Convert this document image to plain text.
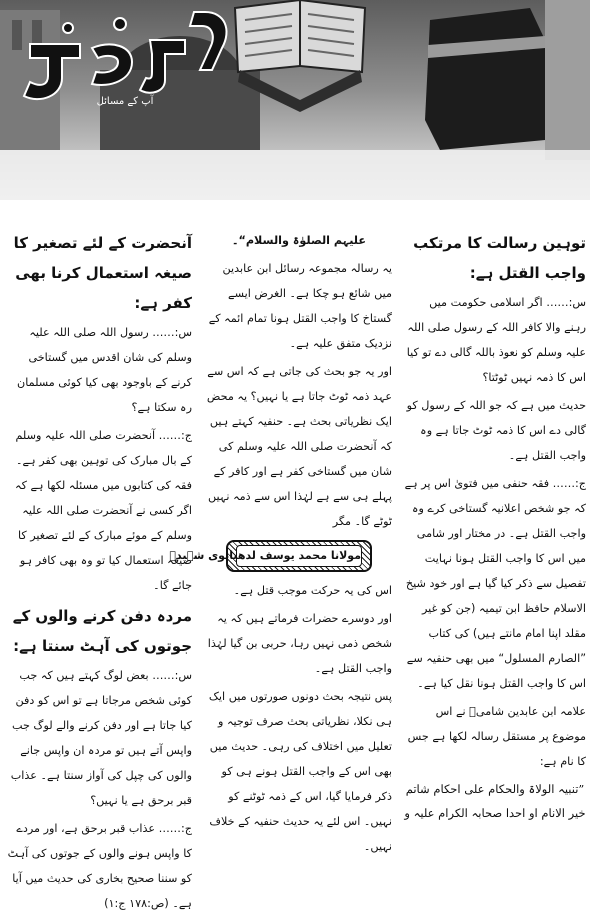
آپ کے مسائل
توہین رسالت کا مرتکب واجب القتل ہے:
س:…… اگر اسلامی حکومت میں رہنے والا کافر اللہ کے رسول صلی اللہ علیہ وسلم کو نعوذ باللہ گالی دے تو کیا اس کا ذمہ نہیں ٹوٹتا؟
حدیث میں ہے کہ جو اللہ کے رسول کو گالی دے اس کا ذمہ ٹوٹ جاتا ہے وہ واجب القتل ہے۔
ج:…… فقہ حنفی میں فتویٰ اس پر ہے کہ جو شخص اعلانیہ گستاخی کرے وہ واجب القتل ہے۔ در مختار اور شامی میں اس کا واجب القتل ہونا نہایت تفصیل سے ذکر کیا گیا ہے اور خود شیخ الاسلام حافظ ابن تیمیہ (جن کو غیر مقلد اپنا امام مانتے ہیں) کی کتاب ”الصارم المسلول“ میں بھی حنفیہ سے اس کا واجب القتل ہونا نقل کیا ہے۔
علامہ ابن عابدین شامیؒ نے اس موضوع پر مستقل رسالہ لکھا ہے جس کا نام ہے:
”تنبیہ الولاۃ والحکام علی احکام شاتم خیر الانام او احدا صحابہ الکرام علیہ و
علیہم الصلوٰۃ والسلام“۔
یہ رسالہ مجموعہ رسائل ابن عابدین میں شائع ہو چکا ہے۔ الغرض ایسے گستاخ کا واجب القتل ہونا تمام ائمہ کے نزدیک متفق علیہ ہے۔
اور یہ جو بحث کی جاتی ہے کہ اس سے عہد ذمہ ٹوٹ جاتا ہے یا نہیں؟ یہ محض ایک نظریاتی بحث ہے۔ حنفیہ کہتے ہیں کہ آنحضرت صلی اللہ علیہ وسلم کی شان میں گستاخی کفر ہے اور کافر کے پہلے ہی سے ہے لہٰذا اس سے ذمہ نہیں ٹوٹے گا۔ مگر
مولانا محمد یوسف لدھیانوی شہیدؒ
اس کی یہ حرکت موجب قتل ہے۔
اور دوسرے حضرات فرماتے ہیں کہ یہ شخص ذمی نہیں رہا، حربی بن گیا لہٰذا واجب القتل ہے۔
پس نتیجہ بحث دونوں صورتوں میں ایک ہی نکلا، نظریاتی بحث صرف توجیہ و تعلیل میں اختلاف کی رہی۔ حدیث میں بھی اس کے واجب القتل ہونے ہی کو ذکر فرمایا گیا، اس کے ذمہ ٹوٹنے کو نہیں۔ اس لئے یہ حدیث حنفیہ کے خلاف نہیں۔
آنحضرت کے لئے تصغیر کا صیغہ استعمال کرنا بھی کفر ہے:
س:…… رسول اللہ صلی اللہ علیہ وسلم کی شان اقدس میں گستاخی کرنے کے باوجود بھی کیا کوئی مسلمان رہ سکتا ہے؟
ج:…… آنحضرت صلی اللہ علیہ وسلم کے بال مبارک کی توہین بھی کفر ہے۔ فقہ کی کتابوں میں مسئلہ لکھا ہے کہ اگر کسی نے آنحضرت صلی اللہ علیہ وسلم کے موئے مبارک کے لئے تصغیر کا صیغہ استعمال کیا تو وہ بھی کافر ہو جائے گا۔
مردہ دفن کرنے والوں کے جوتوں کی آہٹ سنتا ہے:
س:…… بعض لوگ کہتے ہیں کہ جب کوئی شخص مرجاتا ہے تو اس کو دفن کیا جاتا ہے اور دفن کرنے والے لوگ جب واپس آتے ہیں تو مردہ ان واپس جانے والوں کی چپل کی آواز سنتا ہے۔ عذاب قبر برحق ہے یا نہیں؟
ج:…… عذاب قبر برحق ہے، اور مردے کا واپس ہونے والوں کے جوتوں کی آہٹ کو سننا صحیح بخاری کی حدیث میں آیا ہے۔ (ص:۱۷۸ ج:۱)
